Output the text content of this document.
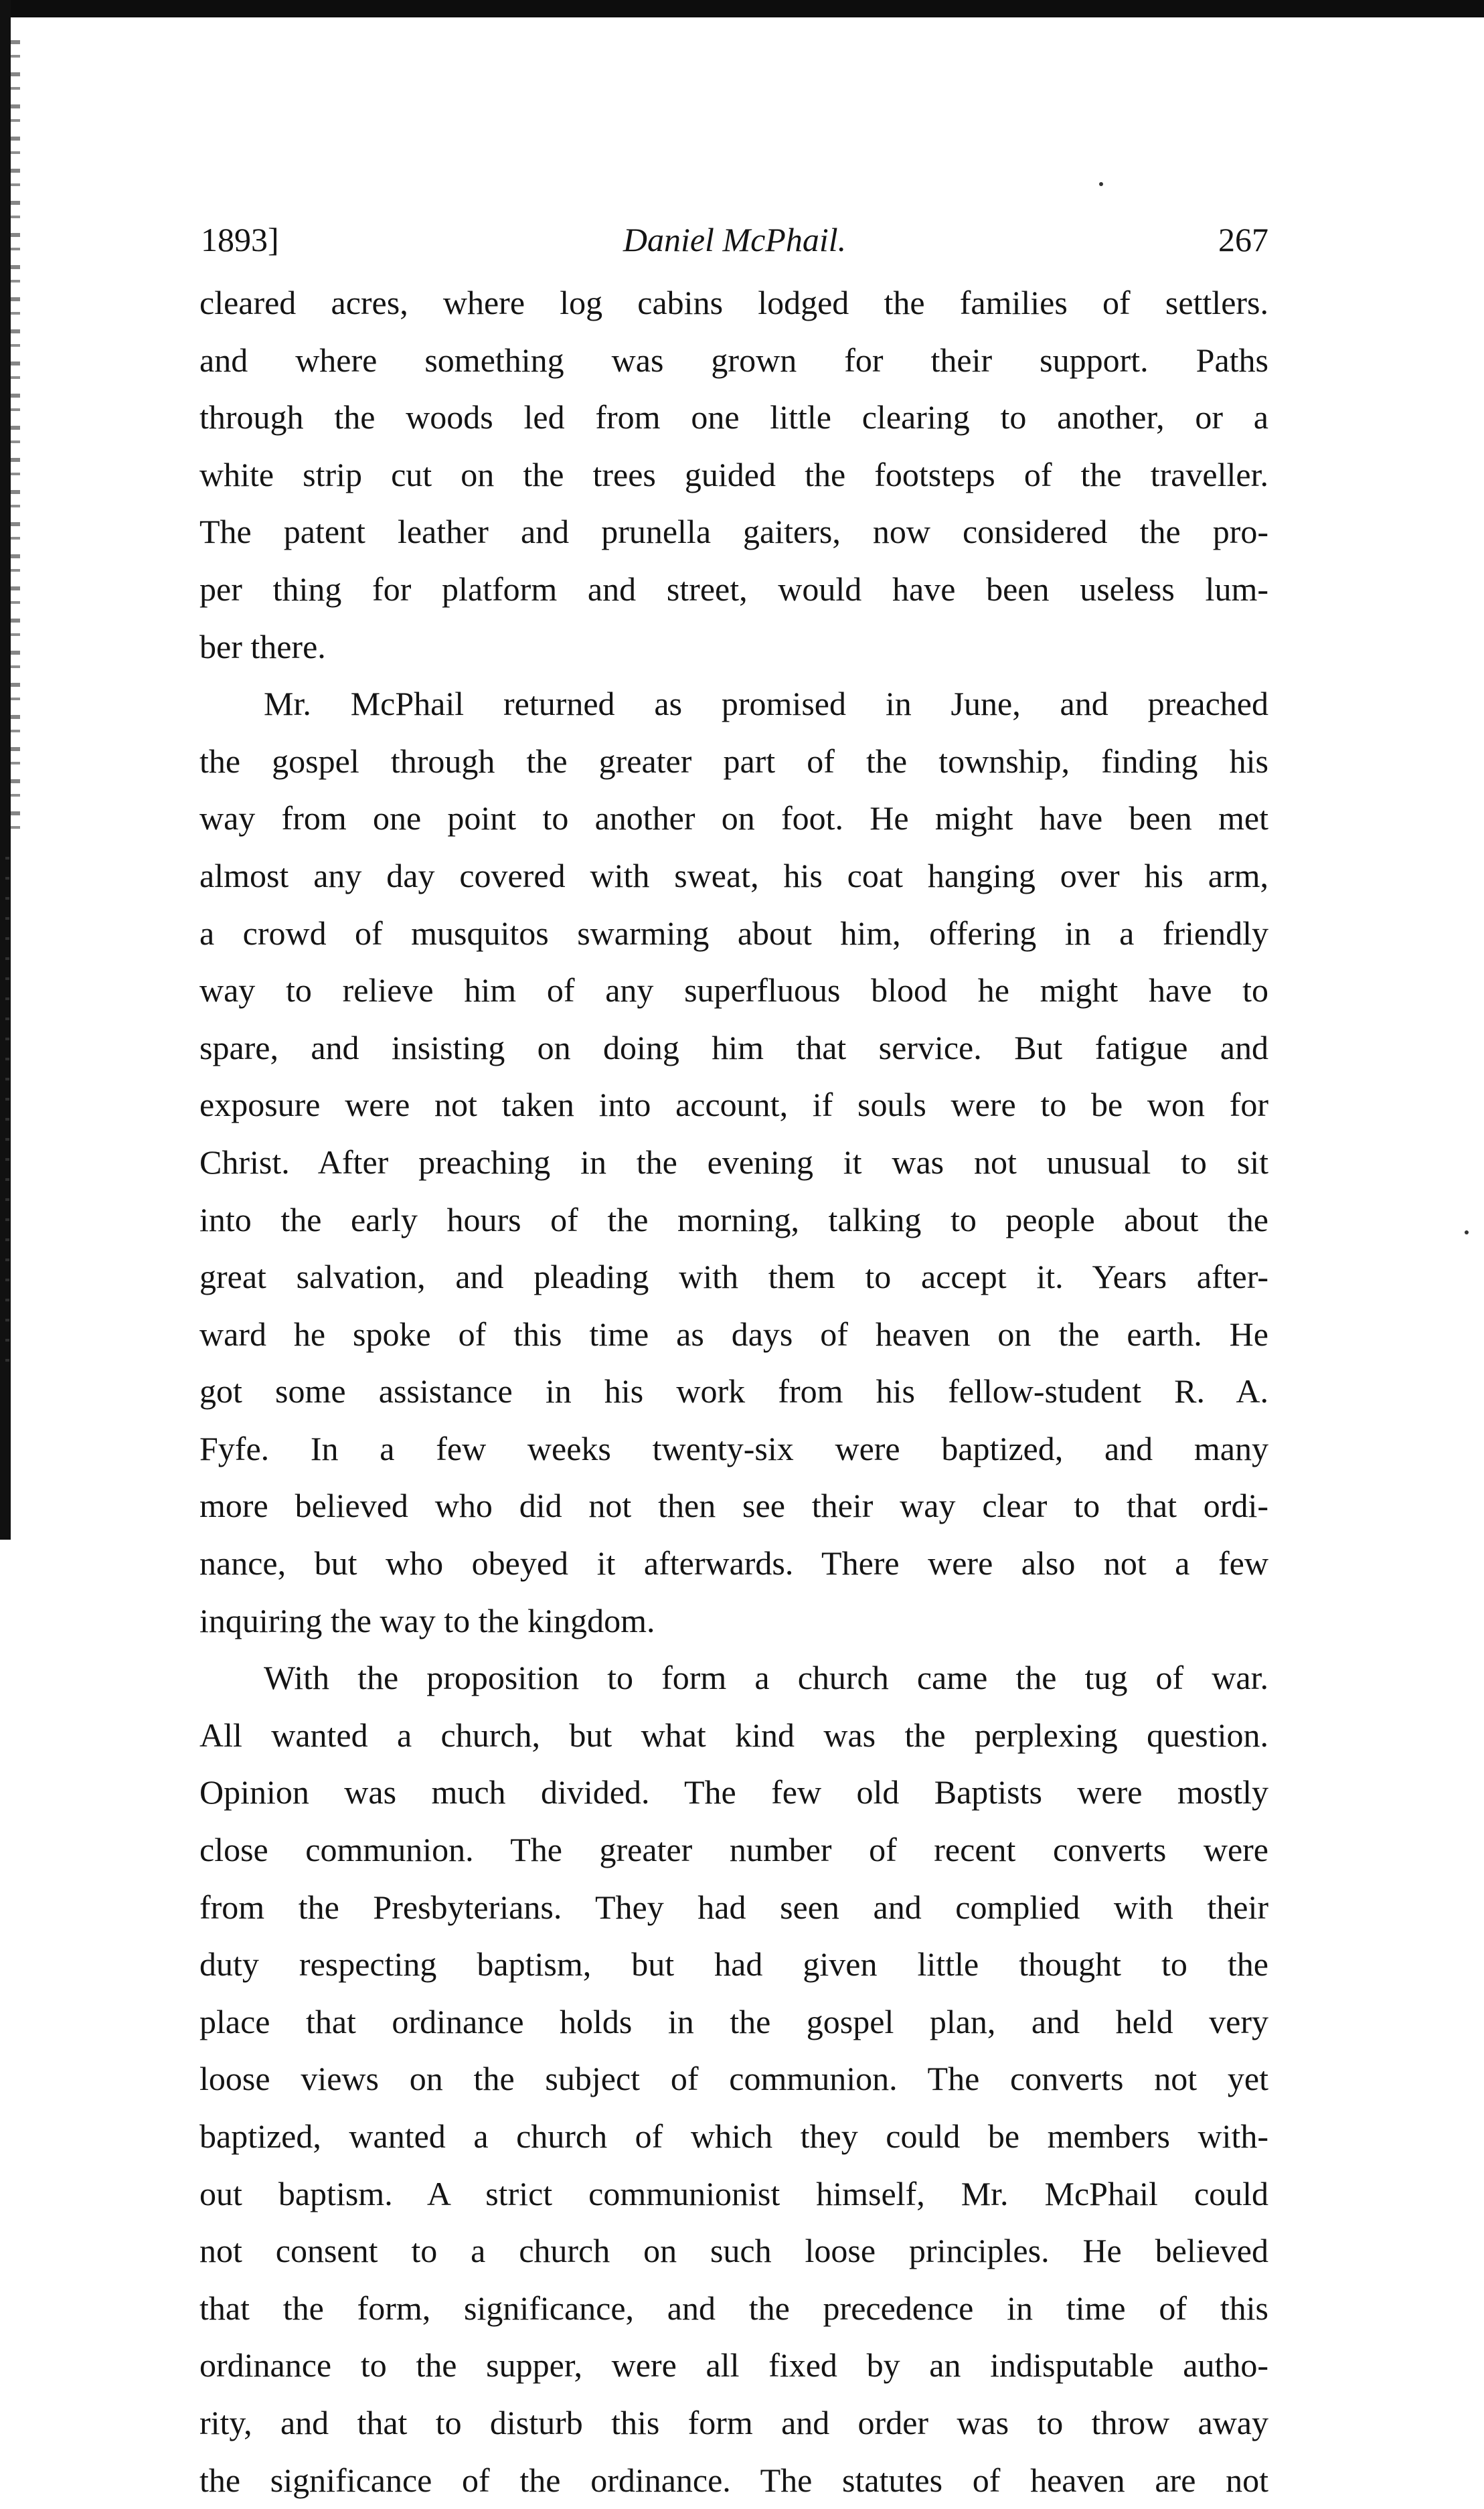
Daniel McPhail.
1893]	267
cleared acres, where log cabins lodged the families of settlers.
and where something was grown for their support. Paths
through the woods led from one little clearing to another, or a
white strip cut on the trees guided the footsteps of the traveller.
The patent leather and prunella gaiters, now considered the pro-
per thing for platform and street, would have been useless lum-
ber there.
Mr. McPhail returned as promised in June, and preached
the gospel through the greater part of the township, finding his
way from one point to another on foot. He might have been met
almost any day covered with sweat, his coat hanging over his arm,
a crowd of musquitos swarming about him, offering in a friendly
way to relieve him of any superfluous blood he might have to
spare, and insisting on doing him that service. But fatigue and
exposure were not taken into account, if souls were to be won for
Christ. After preaching in the evening it was not unusual to sit
into the early hours of the morning, talking to people about the
great salvation, and pleading with them to accept it. Years after-
ward he spoke of this time as days of heaven on the earth. He
got some assistance in his work from his fellow-student R. A.
Fyfe. In a few weeks twenty-six were baptized, and many
more believed who did not then see their way clear to that ordi-
nance, but who obeyed it afterwards. There were also not a few
inquiring the way to the kingdom.
With the proposition to form a church came the tug of war.
All wanted a church, but what kind was the perplexing question.
Opinion was much divided. The few old Baptists were mostly
close communion. The greater number of recent converts were
from the Presbyterians. They had seen and complied with their
duty respecting baptism, but had given little thought to the
place that ordinance holds in the gospel plan, and held very
loose views on the subject of communion. The converts not yet
baptized, wanted a church of which they could be members with-
out baptism. A strict communionist himself, Mr. McPhail could
not consent to a church on such loose principles. He believed
that the form, significance, and the precedence in time of this
ordinance to the supper, were all fixed by an indisputable autho-
rity, and that to disturb this form and order was to throw away
the significance of the ordinance. The statutes of heaven are not
